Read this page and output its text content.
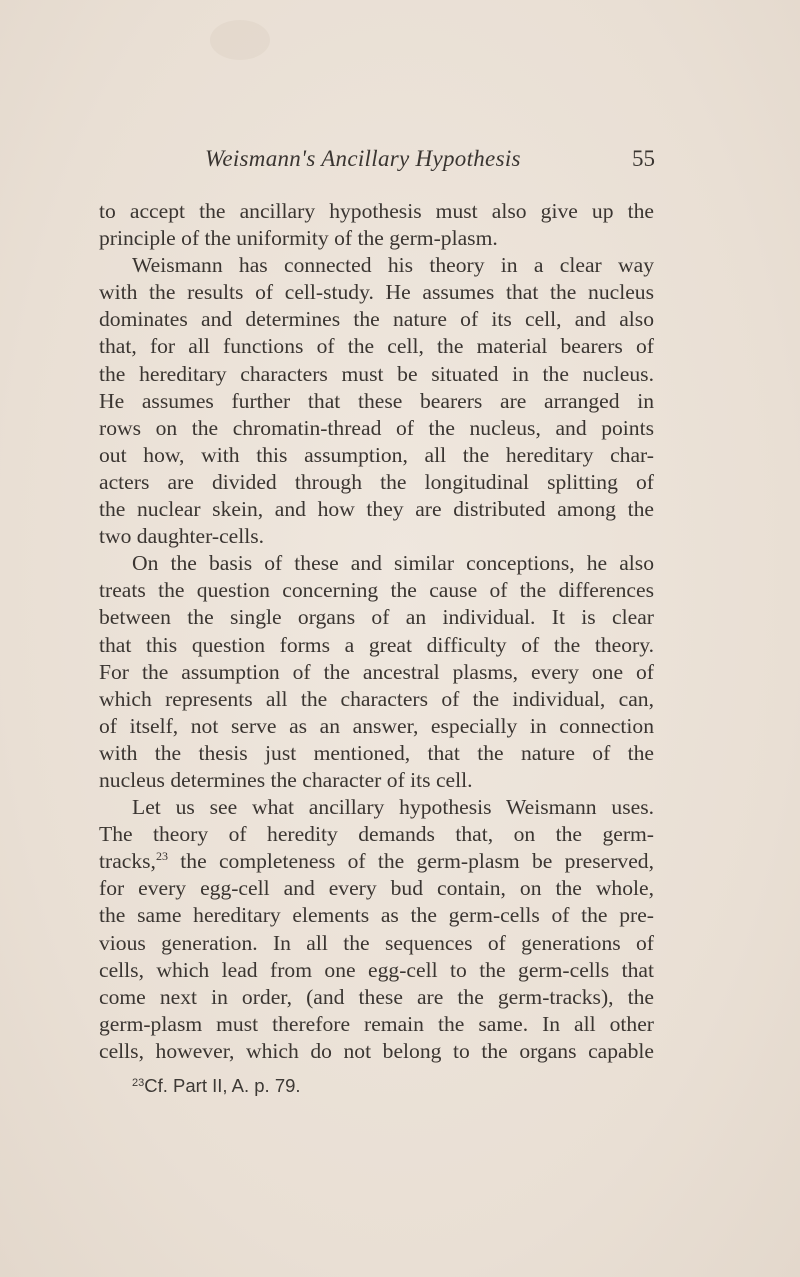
Weismann's Ancillary Hypothesis	55
to accept the ancillary hypothesis must also give up the
principle of the uniformity of the germ-plasm.
Weismann has connected his theory in a clear way
with the results of cell-study. He assumes that the nucleus
dominates and determines the nature of its cell, and also
that, for all functions of the cell, the material bearers of
the hereditary characters must be situated in the nucleus.
He assumes further that these bearers are arranged in
rows on the chromatin-thread of the nucleus, and points
out how, with this assumption, all the hereditary char-
acters are divided through the longitudinal splitting of
the nuclear skein, and how they are distributed among the
two daughter-cells.
On the basis of these and similar conceptions, he also
treats the question concerning the cause of the differences
between the single organs of an individual. It is clear
that this question forms a great difficulty of the theory.
For the assumption of the ancestral plasms, every one of
which represents all the characters of the individual, can,
of itself, not serve as an answer, especially in connection
with the thesis just mentioned, that the nature of the
nucleus determines the character of its cell.
Let us see what ancillary hypothesis Weismann uses.
The theory of heredity demands that, on the germ-
tracks,$^{23}$ the completeness of the germ-plasm be preserved,
for every egg-cell and every bud contain, on the whole,
the same hereditary elements as the germ-cells of the pre-
vious generation. In all the sequences of generations of
cells, which lead from one egg-cell to the germ-cells that
come next in order, (and these are the germ-tracks), the
germ-plasm must therefore remain the same. In all other
cells, however, which do not belong to the organs capable
$^{23}$Cf. Part II, A. p. 79.
